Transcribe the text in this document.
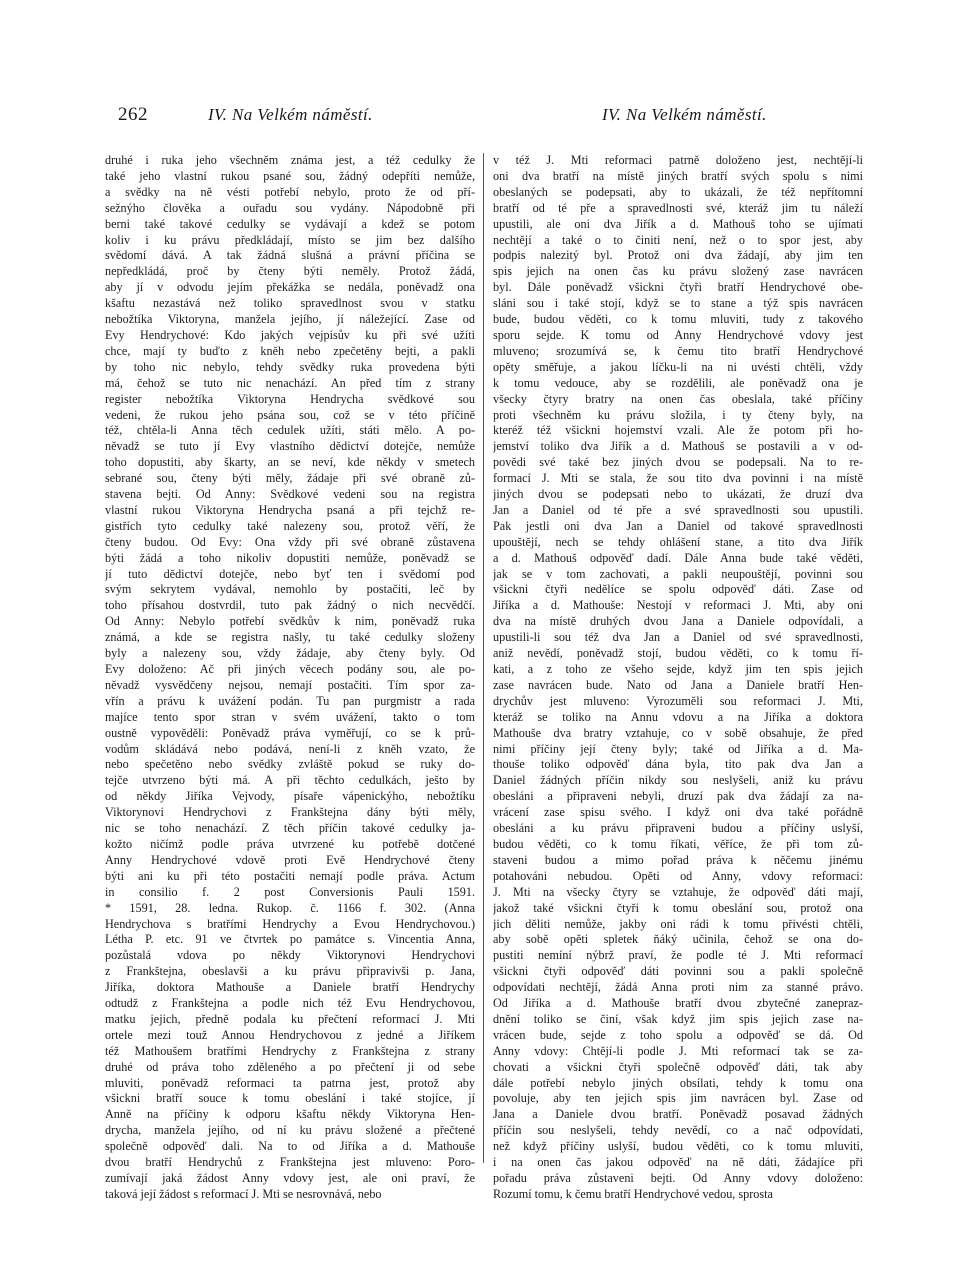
262	IV. Na Velkém náměstí.	IV. Na Velkém náměstí.
druhé i ruka jeho všechněm známa jest, a též cedulky že
také jeho vlastní rukou psané sou, žádný odepříti nemůže,
a svědky na ně vésti potřebí nebylo, proto že od pří-
sežnýho člověka a ouřadu sou vydány. Nápodobně při
berni také takové cedulky se vydávají a kdež se potom
koliv i ku právu předkládají, místo se jim bez dalšího
svědomí dává. A tak žádná slušná a právní příčina se
nepředkládá, proč by čteny býti neměly. Protož žádá,
aby jí v odvodu jejím překážka se nedála, poněvadž ona
kšaftu nezastává než toliko spravedlnost svou v statku
nebožtíka Viktoryna, manžela jejího, jí náležející. Zase od
Evy Hendrychové: Kdo jakých vejpisův ku při své užíti
chce, mají ty buďto z kněh nebo zpečetěny bejti, a pakli
by toho nic nebylo, tehdy svědky ruka provedena býti
má, čehož se tuto nic nenachází. An před tím z strany
register nebožtíka Viktoryna Hendrycha svědkové sou
vedeni, že rukou jeho psána sou, což se v této příčině
též, chtěla-li Anna těch cedulek užíti, státi mělo. A po-
něvadž se tuto jí Evy vlastního dědictví dotejče, nemůže
toho dopustiti, aby škarty, an se neví, kde někdy v smetech
sebrané sou, čteny býti měly, žádaje při své obraně zů-
stavena bejti. Od Anny: Svědkové vedeni sou na registra
vlastní rukou Viktoryna Hendrycha psaná a při tejchž re-
gistřích tyto cedulky také nalezeny sou, protož věří, že
čteny budou. Od Evy: Ona vždy při své obraně zůstavena
býti žádá a toho nikoliv dopustiti nemůže, poněvadž se
jí tuto dědictví dotejče, nebo byť ten i svědomí pod
svým sekrytem vydával, nemohlo by postačiti, leč by
toho přísahou dostvrdil, tuto pak žádný o nich neсvědčí.
Od Anny: Nebylo potřebí svědkův k nim, poněvadž ruka
známá, a kde se registra našly, tu také cedulky složeny
byly a nalezeny sou, vždy žádaje, aby čteny byly. Od
Evy doloženo: Ač při jiných věcech podány sou, ale po-
něvadž vysvědčeny nejsou, nemají postačiti. Tím spor za-
vřín a právu k uvážení podán. Tu pan purgmistr a rada
majíce tento spor stran v svém uvážení, takto o tom
oustně vypověděli: Poněvadž práva vyměřují, co se k prů-
vodům skládává nebo podává, není-li z kněh vzato, že
nebo spečetěno nebo svědky zvláště pokud se ruky do-
tejče utvrzeno býti má. A při těchto cedulkách, ješto by
od někdy Jiříka Vejvody, písaře vápenickýho, nebožtíku
Viktorynovi Hendrychovi z Frankštejna dány býti měly,
nic se toho nenachází. Z těch příčin takové cedulky ja-
kožto ničímž podle práva utvrzené ku potřebě dotčené
Anny Hendrychové vdově proti Evě Hendrychové čteny
býti ani ku při této postačiti nemají podle práva. Actum
in consilio f. 2 post Conversionis Pauli 1591.
* 1591, 28. ledna. Rukop. č. 1166 f. 302. (Anna
Hendrychova s bratřími Hendrychy a Evou Hendrychovou.)
Létha P. etc. 91 ve čtvrtek po památce s. Vincentia Anna,
pozůstalá vdova po někdy Viktorynovi Hendrychovi
z Frankštejna, obeslavši a ku právu připravivši p. Jana,
Jiříka, doktora Mathouše a Daniele bratří Hendrychy
odtudž z Frankštejna a podle nich též Evu Hendrychovou,
matku jejich, předně podala ku přečtení reformací J. Mti
ortele mezi touž Annou Hendrychovou z jedné a Jiříkem
též Mathoušem bratřími Hendrychy z Frankštejna z strany
druhé od práva toho zděleného a po přečtení ji od sebe
mluviti, poněvadž reformaci ta patrna jest, protož aby
všickni bratří souce k tomu obeslání i také stojíce, jí
Anně na příčiny k odporu kšaftu někdy Viktoryna Hen-
drycha, manžela jejího, od ní ku právu složené a přečtené
společně odpověď dali. Na to od Jiříka a d. Mathouše
dvou bratří Hendrychů z Frankštejna jest mluveno: Poro-
zumívají jaká žádost Anny vdovy jest, ale oni praví, že
taková její žádost s reformací J. Mti se nesrovnává, nebo
v též J. Mti reformaci patrně doloženo jest, nechtějí-li
oni dva bratří na místě jiných bratří svých spolu s nimi
obeslaných se podepsati, aby to ukázali, že též nepřítomní
bratří od té pře a spravedlnosti své, kteráž jim tu náleží
upustili, ale oni dva Jiřík a d. Mathouš toho se ujímati
nechtějí a také o to činiti není, než o to spor jest, aby
podpis nalezitý byl. Protož oni dva žádají, aby jim ten
spis jejich na onen čas ku právu složený zase navrácen
byl. Dále poněvadž všickni čtyři bratří Hendrychové obe-
sláni sou i také stojí, když se to stane a týž spis navrácen
bude, budou věděti, co k tomu mluviti, tudy z takového
sporu sejde. K tomu od Anny Hendrychové vdovy jest
mluveno; srozumívá se, k čemu tito bratří Hendrychové
opěty směřuje, a jakou líčku-li na ni uvésti chtěli, vždy
k tomu vedouce, aby se rozdělili, ale poněvadž ona je
všecky čtyry bratry na onen čas obeslala, také příčiny
proti všechněm ku právu složila, i ty čteny byly, na
kteréž též všickni hojemství vzali. Ale že potom při ho-
jemství toliko dva Jiřík a d. Mathouš se postavili a v od-
povědi své také bez jiných dvou se podepsali. Na to re-
formací J. Mti se stala, že sou tito dva povinni i na místě
jiných dvou se podepsati nebo to ukázati, že druzí dva
Jan a Daniel od té pře a své spravedlnosti sou upustili.
Pak jestli oni dva Jan a Daniel od takové spravedlnosti
upouštějí, nech se tehdy ohlášení stane, a tito dva Jiřík
a d. Mathouš odpověď dadí. Dále Anna bude také věděti,
jak se v tom zachovati, a pakli neupouštějí, povinni sou
všickni čtyři nedělíce se spolu odpověď dáti. Zase od
Jiříka a d. Mathouše: Nestojí v reformaci J. Mti, aby oni
dva na místě druhých dvou Jana a Daniele odpovídali, a
upustili-li sou též dva Jan a Daniel od své spravedlnosti,
aniž nevědí, poněvadž stojí, budou věděti, co k tomu ří-
kati, a z toho ze všeho sejde, když jim ten spis jejich
zase navrácen bude. Nato od Jana a Daniele bratří Hen-
drychův jest mluveno: Vyrozuměli sou reformaci J. Mti,
kteráž se toliko na Annu vdovu a na Jiříka a doktora
Mathouše dva bratry vztahuje, co v sobě obsahuje, že před
nimi příčiny její čteny byly; také od Jiříka a d. Ma-
thouše toliko odpověď dána byla, tito pak dva Jan a
Daniel žádných příčin nikdy sou neslyšeli, aniž ku právu
obesláni a připraveni nebyli, druzí pak dva žádají za na-
vrácení zase spisu svého. I když oni dva také pořádně
obesláni a ku právu připraveni budou a příčiny uslyší,
budou věděti, co k tomu říkati, věříce, že při tom zů-
staveni budou a mimo pořad práva k něčemu jinému
potahováni nebudou. Opěti od Anny, vdovy reformaci:
J. Mti na všecky čtyry se vztahuje, že odpověď dáti mají,
jakož také všickni čtyři k tomu obeslání sou, protož ona
jich děliti nemůže, jakby oni rádi k tomu přivésti chtěli,
aby sobě opěti spletek ňáký učinila, čehož se ona do-
pustiti nemíní nýbrž praví, že podle té J. Mti reformací
všickni čtyři odpověď dáti povinni sou a pakli společně
odpovídati nechtějí, žádá Anna proti nim za stanné právo.
Od Jiříka a d. Mathouše bratří dvou zbytečné zanepraz-
dnění toliko se činí, však když jim spis jejich zase na-
vrácen bude, sejde z toho spolu a odpověď se dá. Od
Anny vdovy: Chtějí-li podle J. Mti reformací tak se za-
chovati a všickni čtyři společně odpověď dáti, tak aby
dále potřebí nebylo jiných obsílati, tehdy k tomu ona
povoluje, aby ten jejich spis jim navrácen byl. Zase od
Jana a Daniele dvou bratří. Poněvadž posavad žádných
příčin sou neslyšeli, tehdy nevědí, co a nač odpovídati,
než když příčiny uslyší, budou věděti, co k tomu mluviti,
i na onen čas jakou odpověď na ně dáti, žádajíce při
pořadu práva zůstaveni bejti. Od Anny vdovy doloženo:
Rozumí tomu, k čemu bratří Hendrychové vedou, sprosta
